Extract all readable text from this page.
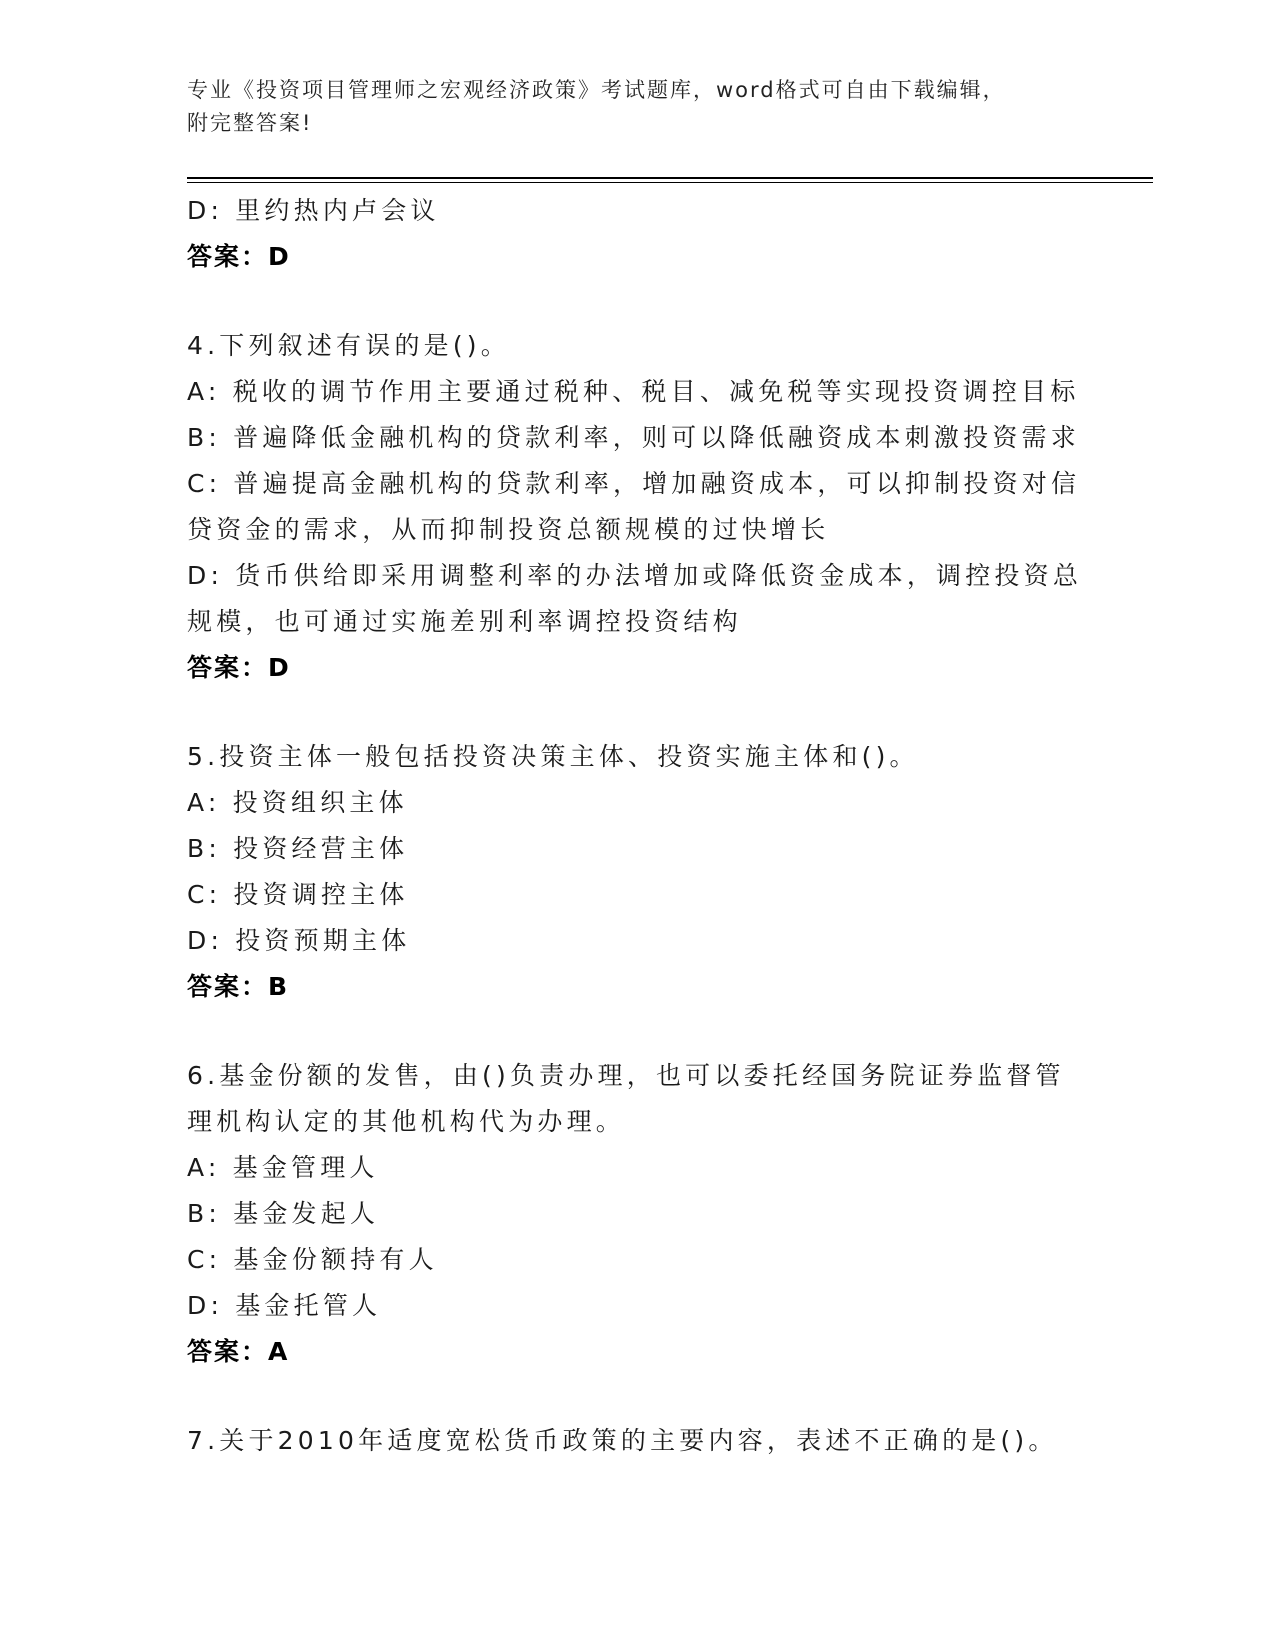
专业《投资项目管理师之宏观经济政策》考试题库，word格式可自由下载编辑，
附完整答案!
D: 里约热内卢会议
答案：D
4.下列叙述有误的是()。
A: 税收的调节作用主要通过税种、税目、减免税等实现投资调控目标
B: 普遍降低金融机构的贷款利率，则可以降低融资成本刺激投资需求
C: 普遍提高金融机构的贷款利率，增加融资成本，可以抑制投资对信
贷资金的需求，从而抑制投资总额规模的过快增长
D: 货币供给即采用调整利率的办法增加或降低资金成本，调控投资总
规模，也可通过实施差别利率调控投资结构
答案：D
5.投资主体一般包括投资决策主体、投资实施主体和()。
A: 投资组织主体
B: 投资经营主体
C: 投资调控主体
D: 投资预期主体
答案：B
6.基金份额的发售，由()负责办理，也可以委托经国务院证券监督管
理机构认定的其他机构代为办理。
A: 基金管理人
B: 基金发起人
C: 基金份额持有人
D: 基金托管人
答案：A
7.关于2010年适度宽松货币政策的主要内容，表述不正确的是()。
